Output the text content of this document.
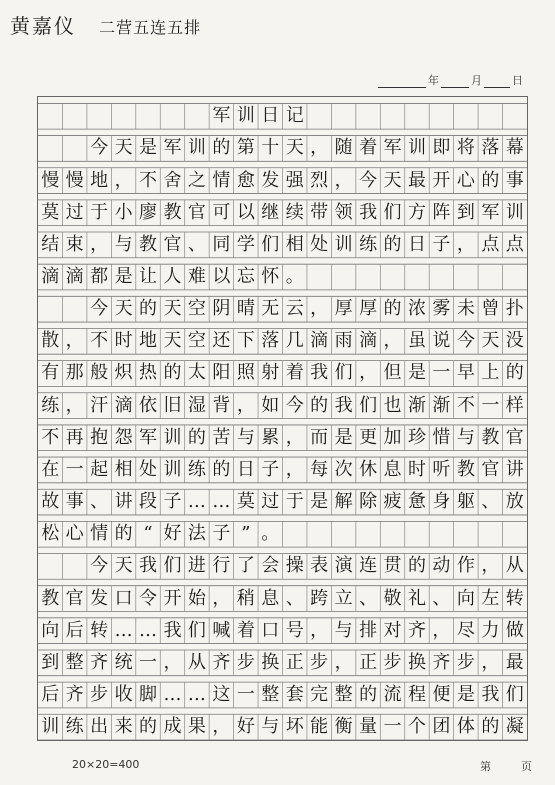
黄嘉仪 二营五连五排
年	月	日
军 训 日 记
今 天 是 军 训 的 第 十 天 ， 随 着 军 训 即 将 落 幕
慢 慢 地 ， 不 舍 之 情 愈 发 强 烈 ， 今 天 最 开 心 的 事
莫 过 于 小 廖 教 官 可 以 继 续 带 领 我 们 方 阵 到 军 训
结 束 ， 与 教 官 、 同 学 们 相 处 训 练 的 日 子 ， 点 点
滴 滴 都 是 让 人 难 以 忘 怀 。
今 天 的 天 空 阴 晴 无 云 ， 厚 厚 的 浓 雾 未 曾 扑
散 ， 不 时 地 天 空 还 下 落 几 滴 雨 滴 ， 虽 说 今 天 没
有 那 般 炽 热 的 太 阳 照 射 着 我 们 ， 但 是 一 早 上 的
练 ， 汗 滴 依 旧 湿 背 ， 如 今 的 我 们 也 渐 渐 不 一 样
不 再 抱 怨 军 训 的 苦 与 累 ， 而 是 更 加 珍 惜 与 教 官
在 一 起 相 处 训 练 的 日 子 ， 每 次 休 息 时 听 教 官 讲
故 事 、 讲 段 子 … … 莫 过 于 是 解 除 疲 惫 身 躯 、 放
松 心 情 的 “ 好 法 子 ” 。
今 天 我 们 进 行 了 会 操 表 演 连 贯 的 动 作 ， 从
教 官 发 口 令 开 始 ， 稍 息 、 跨 立 、 敬 礼 、 向 左 转
向 后 转 … … 我 们 喊 着 口 号 ， 与 排 对 齐 ， 尽 力 做
到 整 齐 统 一 ， 从 齐 步 换 正 步 ， 正 步 换 齐 步 ， 最
后 齐 步 收 脚 … … 这 一 整 套 完 整 的 流 程 便 是 我 们
训 练 出 来 的 成 果 ， 好 与 坏 能 衡 量 一 个 团 体 的 凝
20×20=400	第	页
